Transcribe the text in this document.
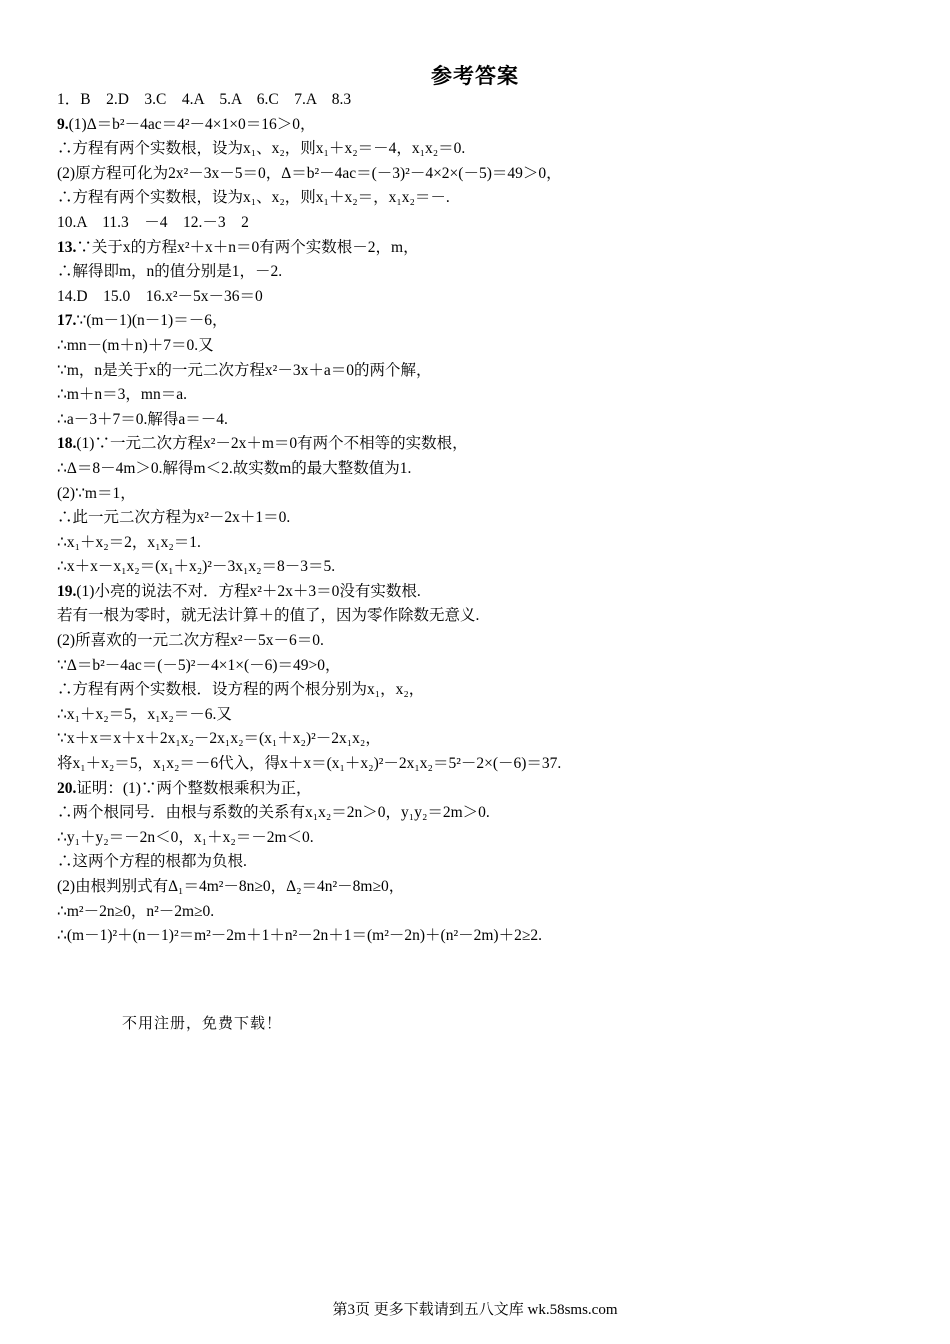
参考答案
1．B　2.D　3.C　4.A　5.A　6.C　7.A　8.3
9.(1)Δ＝b²－4ac＝4²－4×1×0＝16＞0，
∴方程有两个实数根，设为x₁、x₂，则x₁＋x₂＝－4，x₁x₂＝0.
(2)原方程可化为2x²－3x－5＝0，Δ＝b²－4ac＝(－3)²－4×2×(－5)＝49＞0，
∴方程有两个实数根，设为x₁、x₂，则x₁＋x₂＝，x₁x₂＝－.
10.A　11.3　－4　12.－3　2
13.∵关于x的方程x²＋x＋n＝0有两个实数根－2，m，
∴解得即m，n的值分别是1，－2.
14.D　15.0　16.x²－5x－36＝0
17.∵(m－1)(n－1)＝－6，
∴mn－(m＋n)＋7＝0.又
∵m，n是关于x的一元二次方程x²－3x＋a＝0的两个解，
∴m＋n＝3，mn＝a.
∴a－3＋7＝0.解得a＝－4.
18.(1)∵一元二次方程x²－2x＋m＝0有两个不相等的实数根，
∴Δ＝8－4m＞0.解得m＜2.故实数m的最大整数值为1.
(2)∵m＝1，
∴此一元二次方程为x²－2x＋1＝0.
∴x₁＋x₂＝2，x₁x₂＝1.
∴x＋x－x₁x₂＝(x₁＋x₂)²－3x₁x₂＝8－3＝5.
19.(1)小亮的说法不对．方程x²＋2x＋3＝0没有实数根.
若有一根为零时，就无法计算＋的值了，因为零作除数无意义.
(2)所喜欢的一元二次方程x²－5x－6＝0.
∵Δ＝b²－4ac＝(－5)²－4×1×(－6)＝49>0，
∴方程有两个实数根．设方程的两个根分别为x₁，x₂，
∴x₁＋x₂＝5，x₁x₂＝－6.又
∵x＋x＝x＋x＋2x₁x₂－2x₁x₂＝(x₁＋x₂)²－2x₁x₂，
将x₁＋x₂＝5，x₁x₂＝－6代入，得x＋x＝(x₁＋x₂)²－2x₁x₂＝5²－2×(－6)＝37.
20.证明：(1)∵两个整数根乘积为正，
∴两个根同号．由根与系数的关系有x₁x₂＝2n＞0，y₁y₂＝2m＞0.
∴y₁＋y₂＝－2n＜0，x₁＋x₂＝－2m＜0.
∴这两个方程的根都为负根.
(2)由根判别式有Δ₁＝4m²－8n≥0，Δ₂＝4n²－8m≥0，
∴m²－2n≥0，n²－2m≥0.
∴(m－1)²＋(n－1)²＝m²－2m＋1＋n²－2n＋1＝(m²－2n)＋(n²－2m)＋2≥2.
不用注册，免费下载！
第3页 更多下载请到五八文库 wk.58sms.com
